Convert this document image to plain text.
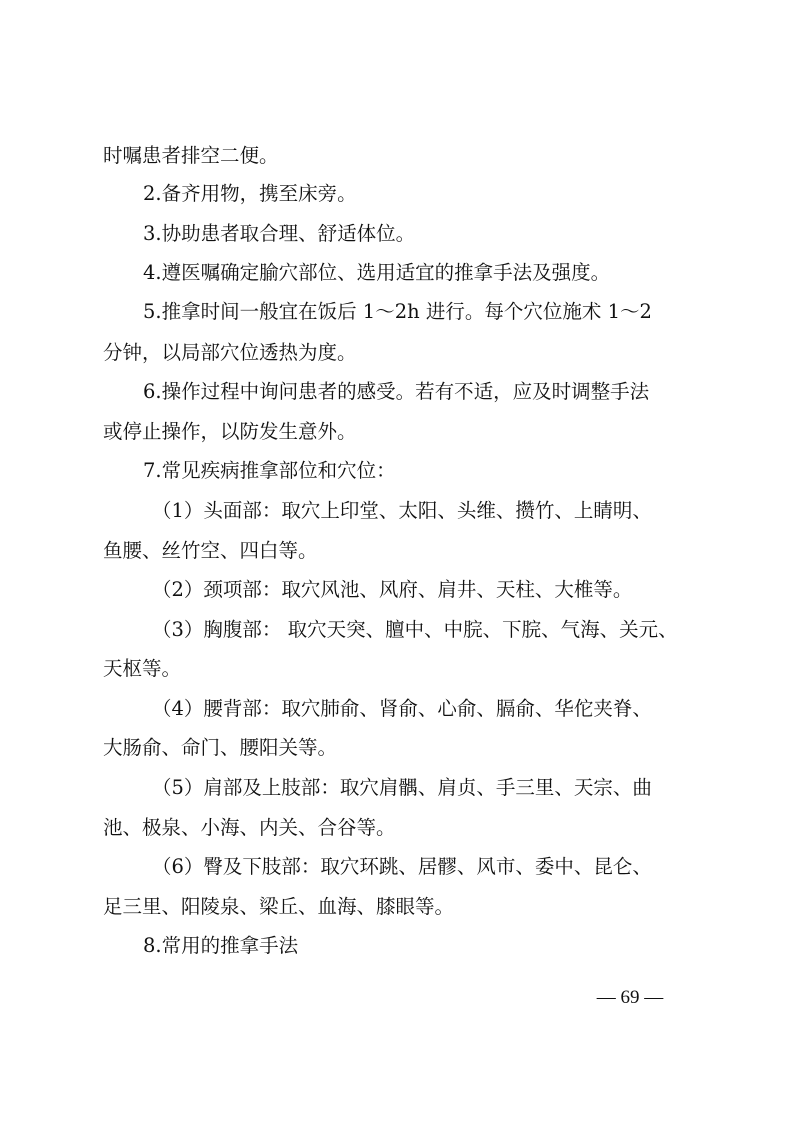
时嘱患者排空二便。

2.备齐用物，携至床旁。

3.协助患者取合理、舒适体位。

4.遵医嘱确定腧穴部位、选用适宜的推拿手法及强度。

5.推拿时间一般宜在饭后 1～2h 进行。每个穴位施术 1～2

分钟，以局部穴位透热为度。

6.操作过程中询问患者的感受。若有不适，应及时调整手法

或停止操作，以防发生意外。

7.常见疾病推拿部位和穴位：

（1）头面部：取穴上印堂、太阳、头维、攒竹、上睛明、

鱼腰、丝竹空、四白等。

（2）颈项部：取穴风池、风府、肩井、天柱、大椎等。

（3）胸腹部： 取穴天突、膻中、中脘、下脘、气海、关元、

天枢等。

（4）腰背部：取穴肺俞、肾俞、心俞、膈俞、华佗夹脊、

大肠俞、命门、腰阳关等。

（5）肩部及上肢部：取穴肩髃、肩贞、手三里、天宗、曲

池、极泉、小海、内关、合谷等。

（6）臀及下肢部：取穴环跳、居髎、风市、委中、昆仑、

足三里、阳陵泉、梁丘、血海、膝眼等。

8.常用的推拿手法

— 69 —
